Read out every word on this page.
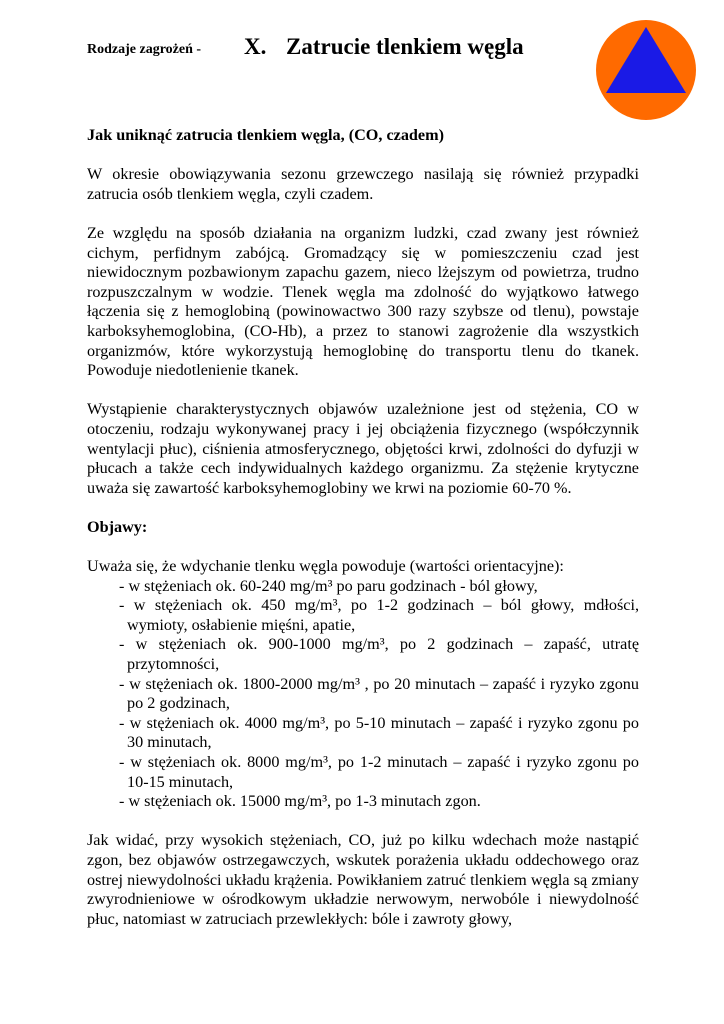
Rodzaje zagrożeń - X. Zatrucie tlenkiem węgla
Jak uniknąć zatrucia tlenkiem węgla, (CO, czadem)

W okresie obowiązywania sezonu grzewczego nasilają się również przypadki zatrucia osób tlenkiem węgla, czyli czadem.

Ze względu na sposób działania na organizm ludzki, czad zwany jest również cichym, perfidnym zabójcą. Gromadzący się w pomieszczeniu czad jest niewidocznym pozbawionym zapachu gazem, nieco lżejszym od powietrza, trudno rozpuszczalnym w wodzie. Tlenek węgla ma zdolność do wyjątkowo łatwego łączenia się z hemoglobiną (powinowactwo 300 razy szybsze od tlenu), powstaje karboksyhemoglobina, (CO-Hb), a przez to stanowi zagrożenie dla wszystkich organizmów, które wykorzystują hemoglobinę do transportu tlenu do tkanek. Powoduje niedotlenienie tkanek.

Wystąpienie charakterystycznych objawów uzależnione jest od stężenia, CO w otoczeniu, rodzaju wykonywanej pracy i jej obciążenia fizycznego (współczynnik wentylacji płuc), ciśnienia atmosferycznego, objętości krwi, zdolności do dyfuzji w płucach a także cech indywidualnych każdego organizmu. Za stężenie krytyczne uważa się zawartość karboksyhemoglobiny we krwi na poziomie 60-70 %.

Objawy:
Uważa się, że wdychanie tlenku węgla powoduje (wartości orientacyjne):
- w stężeniach ok. 60-240 mg/m³ po paru godzinach - ból głowy,
- w stężeniach ok. 450 mg/m³, po 1-2 godzinach – ból głowy, mdłości, wymioty, osłabienie mięśni, apatie,
- w stężeniach ok. 900-1000 mg/m³, po 2 godzinach – zapaść, utratę przytomności,
- w stężeniach ok. 1800-2000 mg/m³ , po 20 minutach – zapaść i ryzyko zgonu po 2 godzinach,
- w stężeniach ok. 4000 mg/m³, po 5-10 minutach – zapaść i ryzyko zgonu po 30 minutach,
- w stężeniach ok. 8000 mg/m³, po 1-2 minutach – zapaść i ryzyko zgonu po 10-15 minutach,
- w stężeniach ok. 15000 mg/m³, po 1-3 minutach zgon.

Jak widać, przy wysokich stężeniach, CO, już po kilku wdechach może nastąpić zgon, bez objawów ostrzegawczych, wskutek porażenia układu oddechowego oraz ostrej niewydolności układu krążenia. Powikłaniem zatruć tlenkiem węgla są zmiany zwyrodnieniowe w ośrodkowym układzie nerwowym, nerwobóle i niewydolność płuc, natomiast w zatruciach przewlekłych: bóle i zawroty głowy,
